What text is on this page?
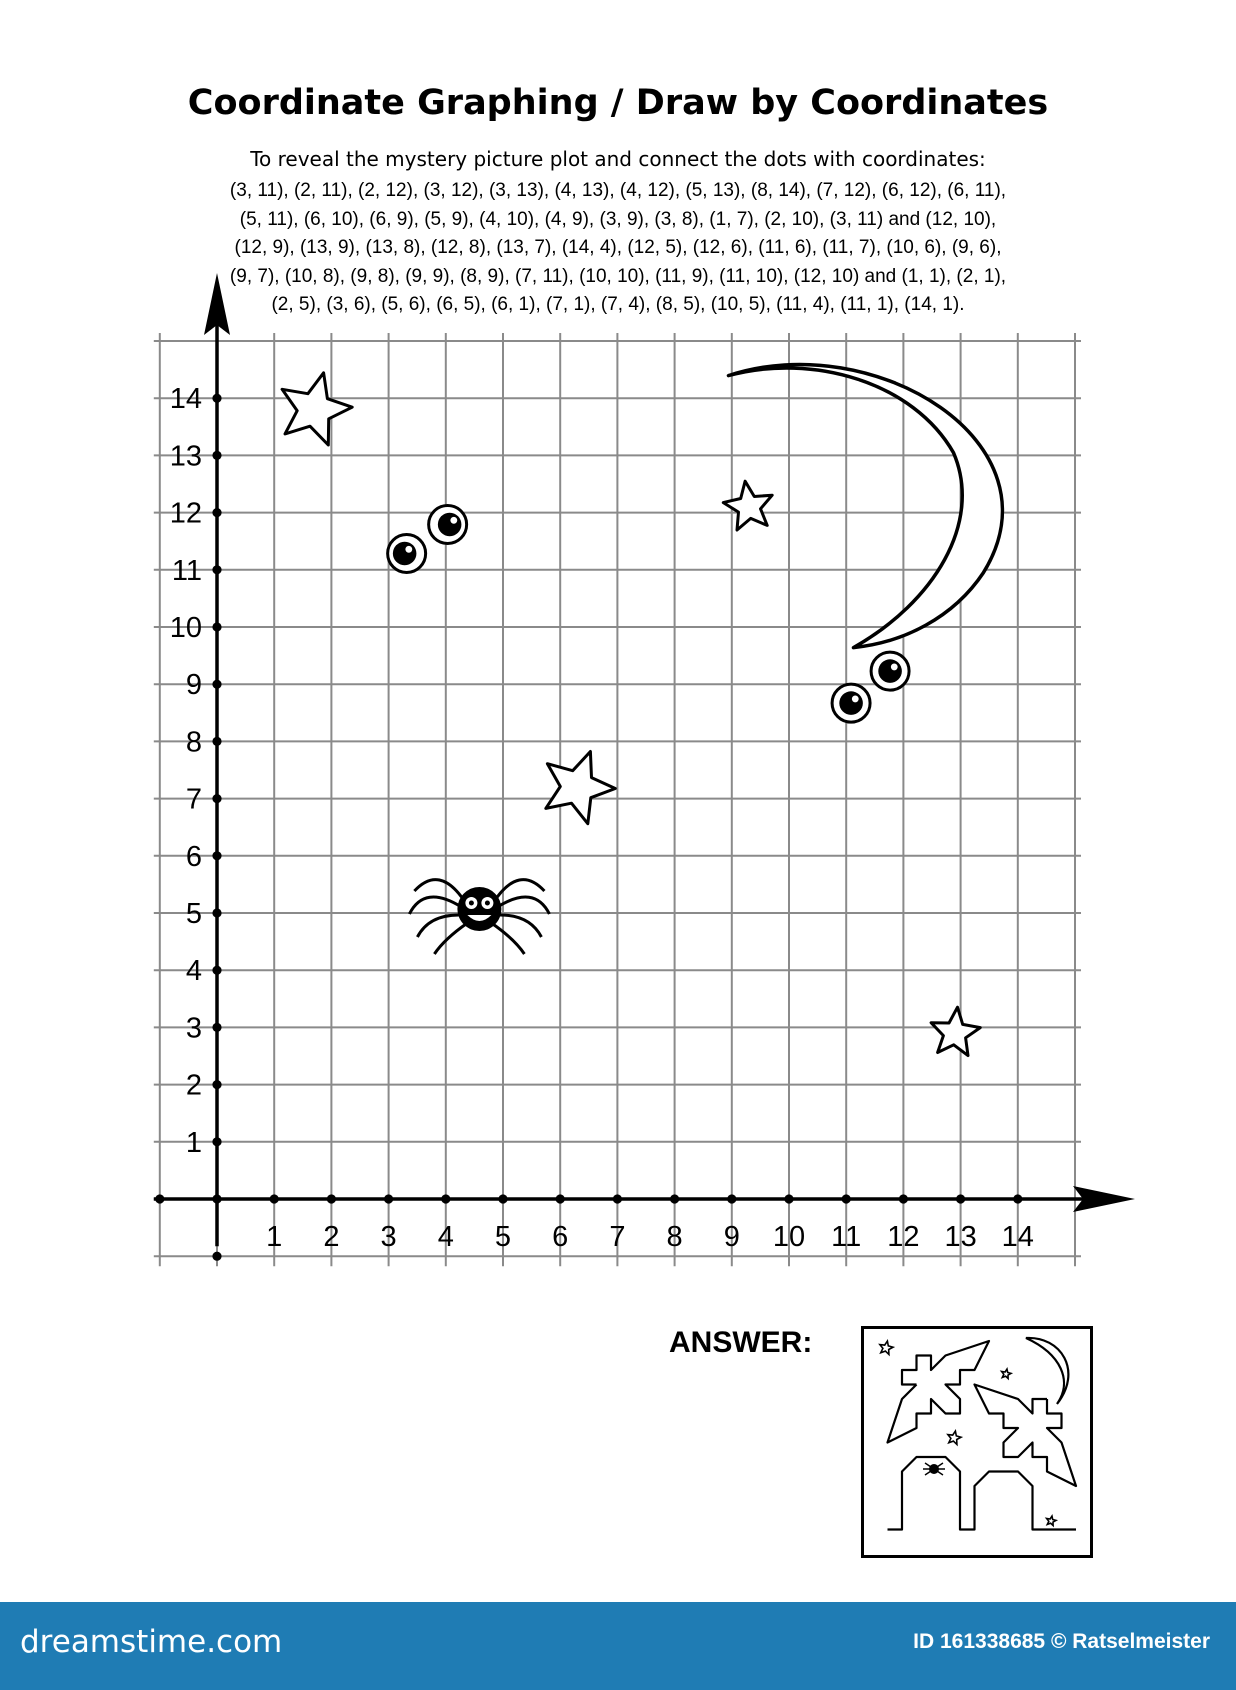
Coordinate Graphing / Draw by Coordinates
To reveal the mystery picture plot and connect the dots with coordinates:
(3, 11), (2, 11), (2, 12), (3, 12), (3, 13), (4, 13), (4, 12), (5, 13), (8, 14), (7, 12), (6, 12), (6, 11),
(5, 11), (6, 10), (6, 9), (5, 9), (4, 10), (4, 9), (3, 9), (3, 8), (1, 7), (2, 10), (3, 11) and (12, 10),
(12, 9), (13, 9), (13, 8), (12, 8), (13, 7), (14, 4), (12, 5), (12, 6), (11, 6), (11, 7), (10, 6), (9, 6),
(9, 7), (10, 8), (9, 8), (9, 9), (8, 9), (7, 11), (10, 10), (11, 9), (11, 10), (12, 10) and (1, 1), (2, 1),
(2, 5), (3, 6), (5, 6), (6, 5), (6, 1), (7, 1), (7, 4), (8, 5), (10, 5), (11, 4), (11, 1), (14, 1).
1 2 3 4 5 6 7 8 9 10 11 12 13 14
1
2
3
4
5
6
7
8
9
10
11
12
13
14
ANSWER:
dreamstime.com	ID 161338685 © Ratselmeister
